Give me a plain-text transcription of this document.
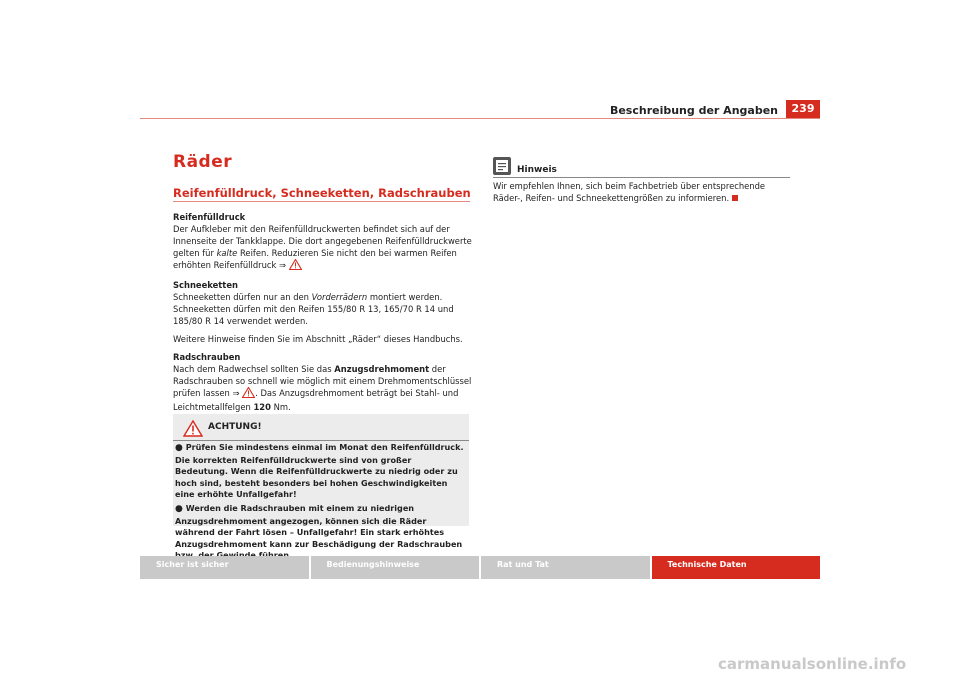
Beschreibung der Angaben	239
Räder
Reifenfülldruck, Schneeketten, Radschrauben

Reifenfülldruck

Der Aufkleber mit den Reifenfülldruckwerten befindet sich auf der Innenseite der Tankklappe. Die dort angegebenen Reifenfülldruckwerte gelten für kalte Reifen. Reduzieren Sie nicht den bei warmen Reifen erhöhten Reifenfülldruck ⇒

Schneeketten

Schneeketten dürfen nur an den Vorderrädern montiert werden. Schneeketten dürfen mit den Reifen 155/80 R 13, 165/70 R 14 und 185/80 R 14 verwendet werden.

Weitere Hinweise finden Sie im Abschnitt „Räder“ dieses Handbuchs.

Radschrauben

Nach dem Radwechsel sollten Sie das Anzugsdrehmoment der Radschrauben so schnell wie möglich mit einem Drehmomentschlüssel prüfen lassen ⇒ . Das Anzugsdrehmoment beträgt bei Stahl- und Leichtmetallfelgen 120 Nm.

ACHTUNG!

● Prüfen Sie mindestens einmal im Monat den Reifenfülldruck. Die korrekten Reifenfülldruckwerte sind von großer Bedeutung. Wenn die Reifenfülldruckwerte zu niedrig oder zu hoch sind, besteht besonders bei hohen Geschwindigkeiten eine erhöhte Unfallgefahr!

● Werden die Radschrauben mit einem zu niedrigen Anzugsdrehmoment angezogen, können sich die Räder während der Fahrt lösen – Unfallgefahr! Ein stark erhöhtes Anzugsdrehmoment kann zur Beschädigung der Radschrauben

Hinweis
Wir empfehlen Ihnen, sich beim Fachbetrieb über entsprechende Räder-, Reifen- und Schneekettengrößen zu informieren.
Sicher ist sicher	Bedienungshinweise	Rat und Tat	Technische Daten
carmanualsonline.info
